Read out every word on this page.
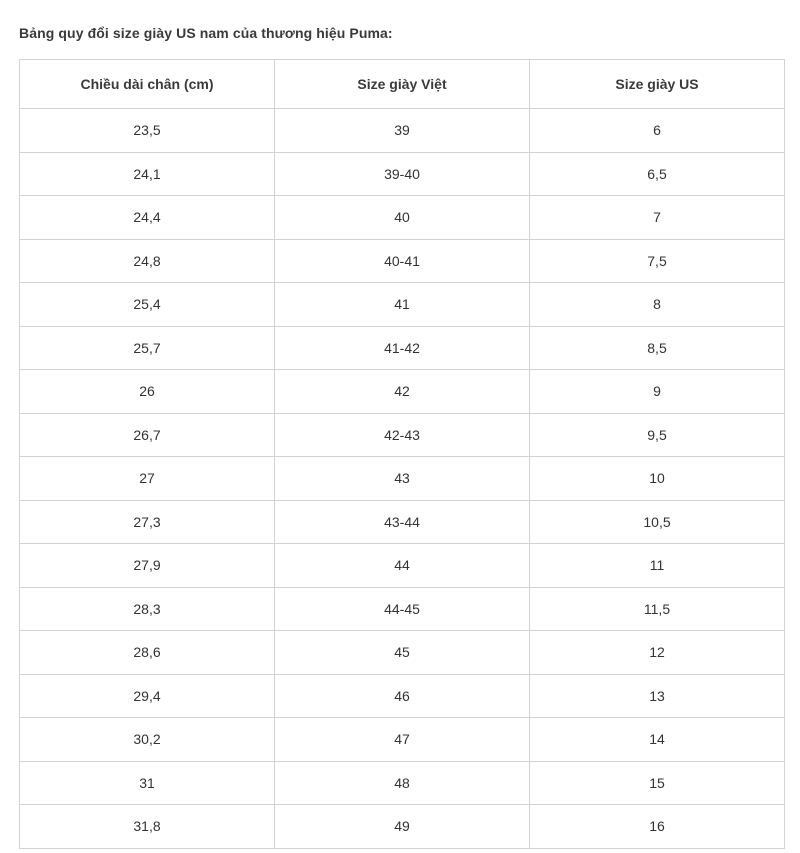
Bảng quy đổi size giày US nam của thương hiệu Puma:
Chiều dài chân (cm)	Size giày Việt	Size giày US
23,5	39	6
24,1	39-40	6,5
24,4	40	7
24,8	40-41	7,5
25,4	41	8
25,7	41-42	8,5
26	42	9
26,7	42-43	9,5
27	43	10
27,3	43-44	10,5
27,9	44	11
28,3	44-45	11,5
28,6	45	12
29,4	46	13
30,2	47	14
31	48	15
31,8	49	16
